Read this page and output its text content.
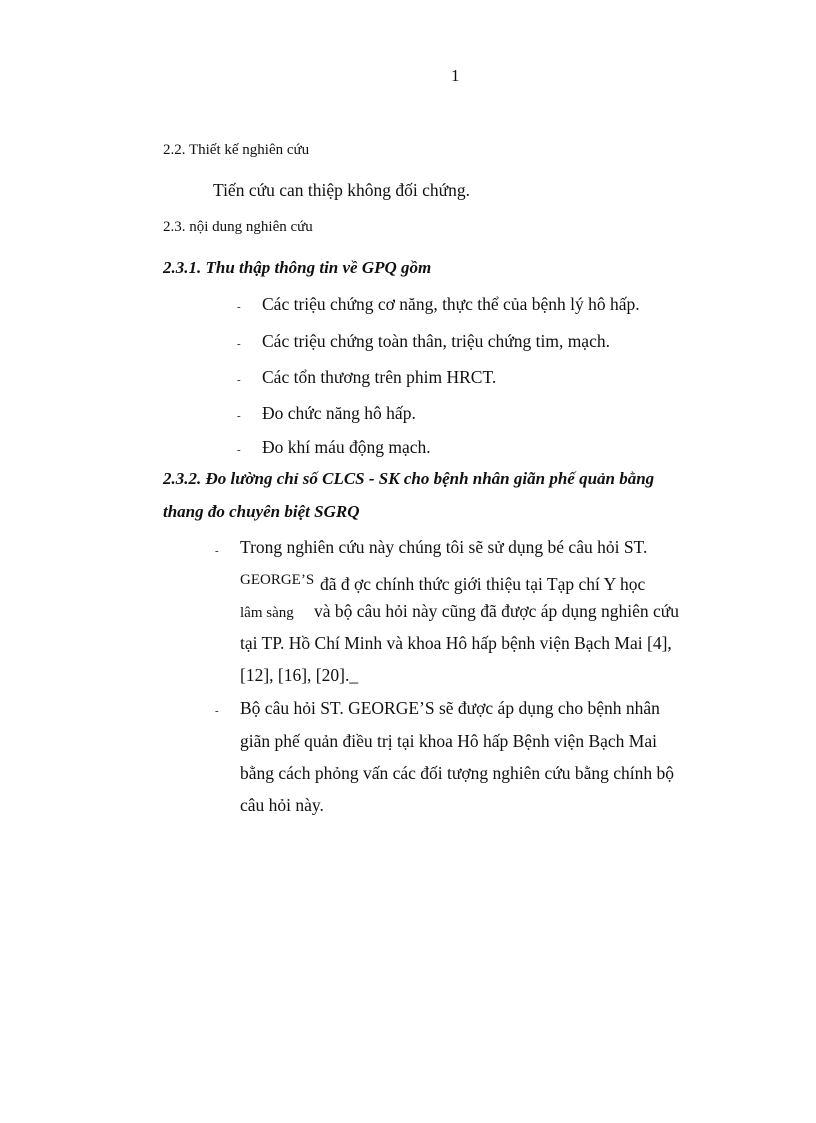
1
2.2. Thiết kế nghiên cứu
Tiến cứu can thiệp không đối chứng.
2.3. nội dung nghiên cứu
2.3.1. Thu thập thông tin về GPQ gồm
- Các triệu chứng cơ năng, thực thể của bệnh lý hô hấp.
- Các triệu chứng toàn thân, triệu chứng tim, mạch.
- Các tổn thương trên phim HRCT.
- Đo chức năng hô hấp.
- Đo khí máu động mạch.
2.3.2. Đo lường chỉ số CLCS - SK cho bệnh nhân giãn phế quản bằng
thang đo chuyên biệt SGRQ
- Trong nghiên cứu này chúng tôi sẽ sử dụng bé câu hỏi ST.
GEORGE’S đã đ ợc chính thức giới thiệu tại Tạp chí Y học
lâm sàng và bộ câu hỏi này cũng đã được áp dụng nghiên cứu
tại TP. Hồ Chí Minh và khoa Hô hấp bệnh viện Bạch Mai [4],
[12], [16], [20]._
- Bộ câu hỏi ST. GEORGE’S sẽ được áp dụng cho bệnh nhân
giãn phế quản điều trị tại khoa Hô hấp Bệnh viện Bạch Mai
bằng cách phỏng vấn các đối tượng nghiên cứu bằng chính bộ
câu hỏi này.
